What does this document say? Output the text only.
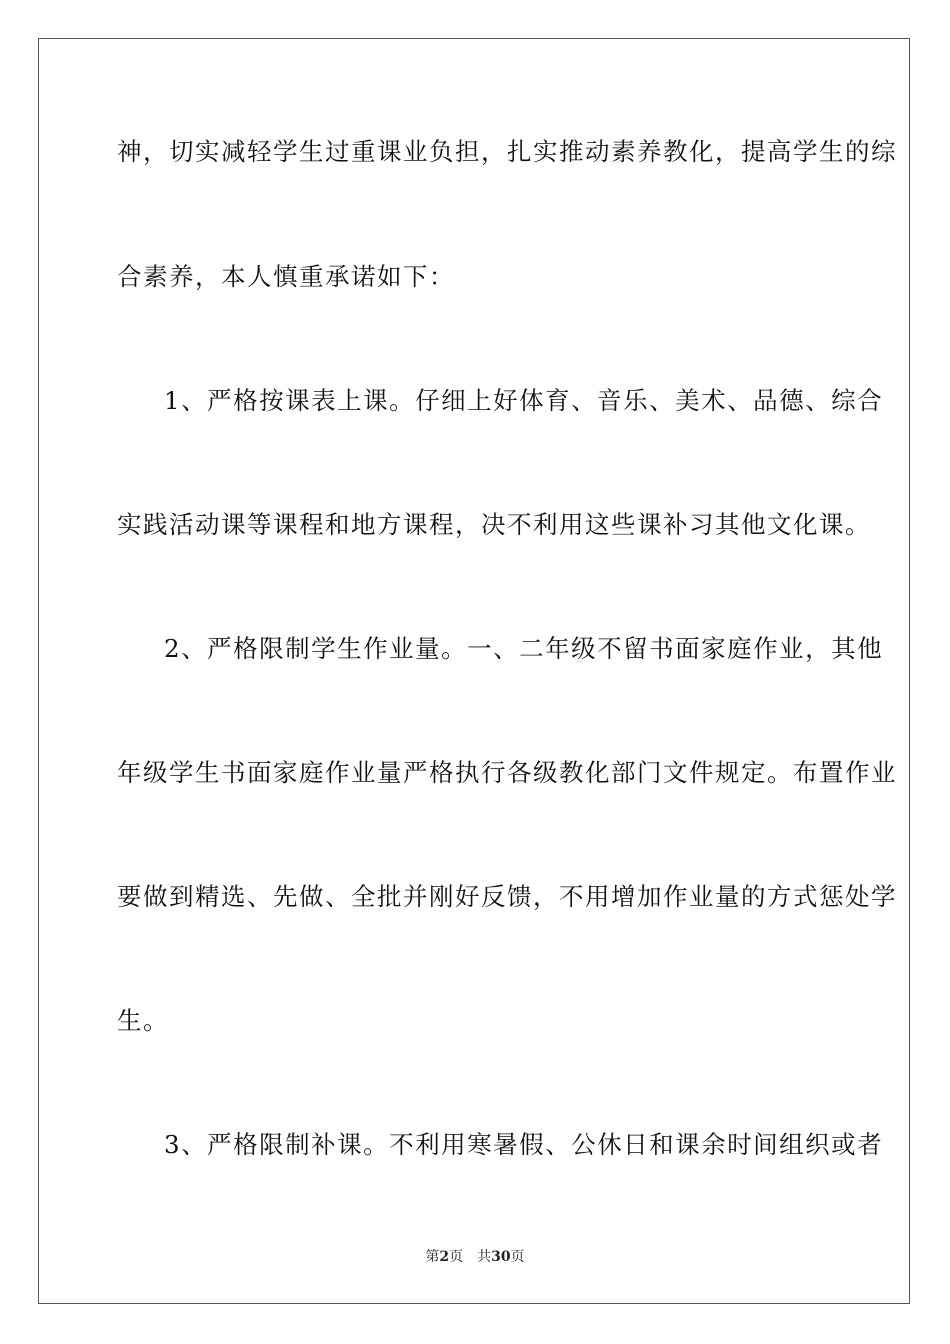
神，切实减轻学生过重课业负担，扎实推动素养教化，提高学生的综
合素养，本人慎重承诺如下：
1、严格按课表上课。仔细上好体育、音乐、美术、品德、综合
实践活动课等课程和地方课程，决不利用这些课补习其他文化课。
2、严格限制学生作业量。一、二年级不留书面家庭作业，其他
年级学生书面家庭作业量严格执行各级教化部门文件规定。布置作业
要做到精选、先做、全批并刚好反馈，不用增加作业量的方式惩处学
生。
3、严格限制补课。不利用寒暑假、公休日和课余时间组织或者
第2页 共30页
